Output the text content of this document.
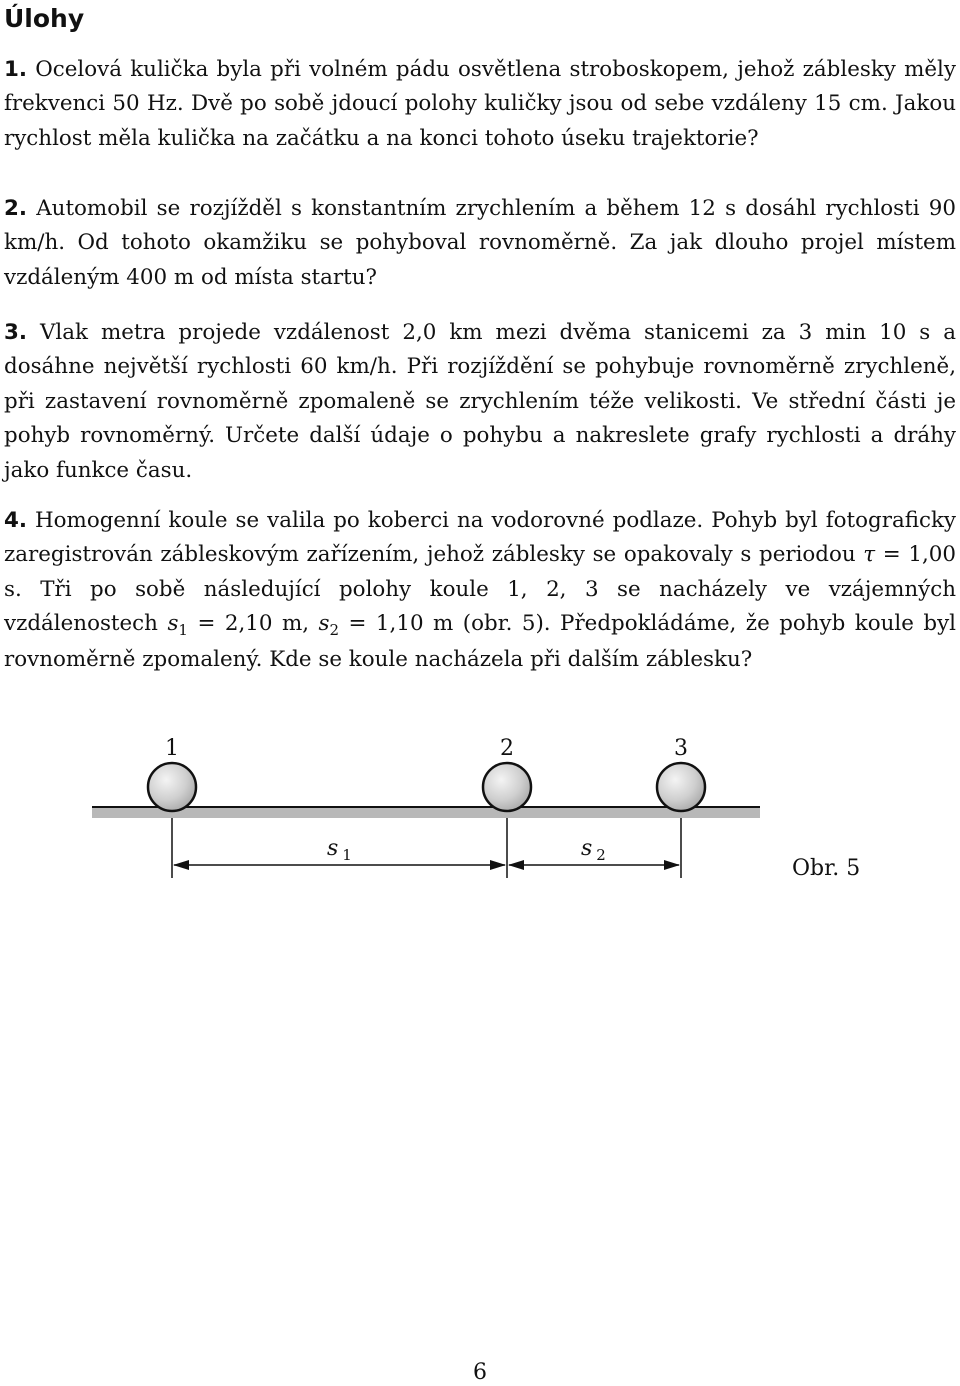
Úlohy

1. Ocelová kulička byla při volném pádu osvětlena stroboskopem, jehož záblesky měly frekvenci 50 Hz. Dvě po sobě jdoucí polohy kuličky jsou od sebe vzdáleny 15 cm. Jakou rychlost měla kulička na začátku a na konci tohoto úseku trajektorie?

2. Automobil se rozjížděl s konstantním zrychlením a během 12 s dosáhl rychlosti 90 km/h. Od tohoto okamžiku se pohyboval rovnoměrně. Za jak dlouho projel místem vzdáleným 400 m od místa startu?

3. Vlak metra projede vzdálenost 2,0 km mezi dvěma stanicemi za 3 min 10 s a dosáhne největší rychlosti 60 km/h. Při rozjíždění se pohybuje rovnoměrně zrychleně, při zastavení rovnoměrně zpomaleně se zrychlením téže velikosti. Ve střední části je pohyb rovnoměrný. Určete další údaje o pohybu a nakreslete grafy rychlosti a dráhy jako funkce času.

4. Homogenní koule se valila po koberci na vodorovné podlaze. Pohyb byl fotograficky zaregistrován zábleskovým zařízením, jehož záblesky se opakovaly s periodou τ = 1,00 s. Tři po sobě následující polohy koule 1, 2, 3 se nacházely ve vzájemných vzdálenostech $s_1 = 2,10$ m, $s_2 = 1,10$ m (obr. 5). Předpokládáme, že pohyb koule byl rovnoměrně zpomalený. Kde se koule nacházela při dalším záblesku?

1	2	3
s 1	s 2
Obr. 5
6
